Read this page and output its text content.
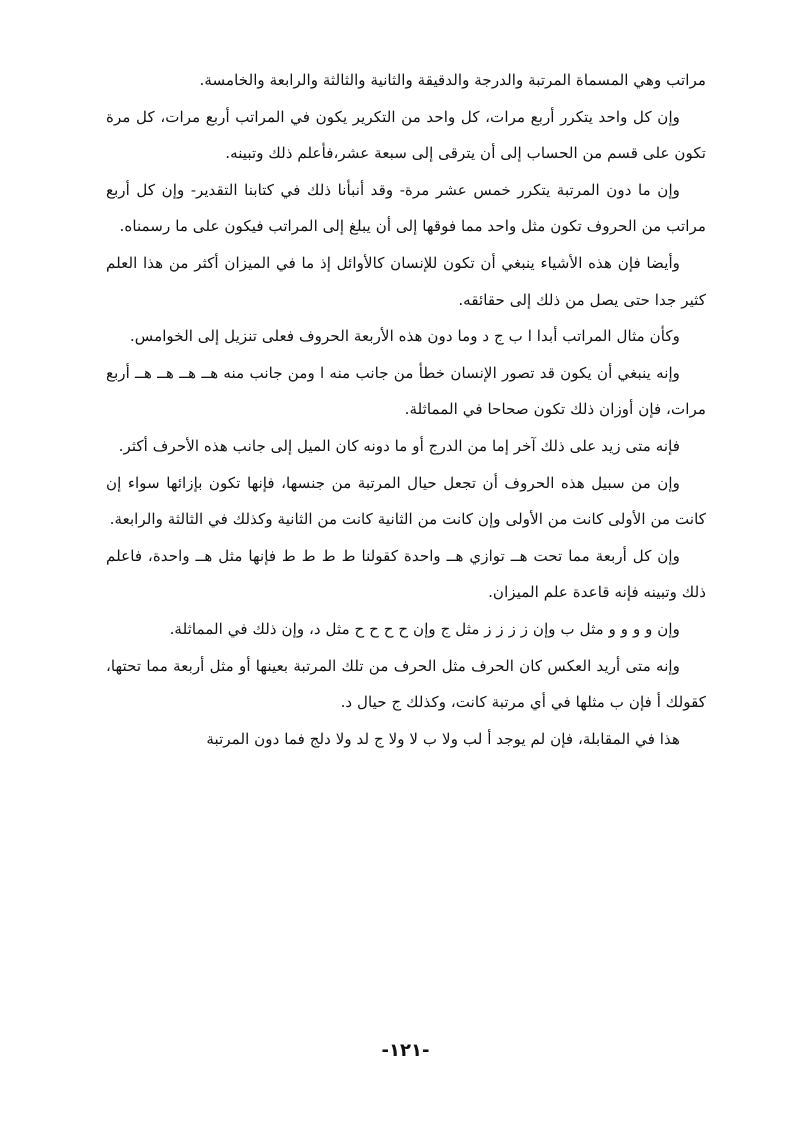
مراتب وهي المسماة المرتبة والدرجة والدقيقة والثانية والثالثة والرابعة والخامسة.

وإن كل واحد يتكرر أربع مرات، كل واحد من التكرير يكون في المراتب أربع مرات، كل مرة تكون على قسم من الحساب إلى أن يترقى إلى سبعة عشر،فأعلم ذلك وتبينه.

وإن ما دون المرتبة يتكرر خمس عشر مرة- وقد أنبأنا ذلك في كتابنا التقدير- وإن كل أربع مراتب من الحروف تكون مثل واحد مما فوقها إلى أن يبلغ إلى المراتب فيكون على ما رسمناه.

وأيضا فإن هذه الأشياء ينبغي أن تكون للإنسان كالأوائل إذ ما في الميزان أكثر من هذا العلم كثير جدا حتى يصل من ذلك إلى حقائقه.

وكأن مثال المراتب أبدا ا ب ج د وما دون هذه الأربعة الحروف فعلى تنزيل إلى الخوامس.

وإنه ينبغي أن يكون قد تصور الإنسان خطأ من جانب منه ا ومن جانب منه هــ هــ هــ هــ أربع مرات، فإن أوزان ذلك تكون صحاحا في المماثلة.

فإنه متى زيد على ذلك آخر إما من الدرج أو ما دونه كان الميل إلى جانب هذه الأحرف أكثر.

وإن من سبيل هذه الحروف أن تجعل حيال المرتبة من جنسها، فإنها تكون بإزائها سواء إن كانت من الأولى كانت من الأولى وإن كانت من الثانية كانت من الثانية وكذلك في الثالثة والرابعة.

وإن كل أربعة مما تحت هــ توازي هــ واحدة كقولنا ط ط ط ط فإنها مثل هــ واحدة، فاعلم ذلك وتبينه فإنه قاعدة علم الميزان.

وإن و و و و مثل ب وإن ز ز ز ز مثل ج وإن ح ح ح ح مثل د، وإن ذلك في المماثلة.

وإنه متى أريد العكس كان الحرف مثل الحرف من تلك المرتبة بعينها أو مثل أربعة مما تحتها، كقولك أ فإن ب مثلها في أي مرتبة كانت، وكذلك ج حيال د.

هذا في المقابلة، فإن لم يوجد أ لب ولا ب لا ولا ج لد ولا دلج فما دون المرتبة

-١٢١-
